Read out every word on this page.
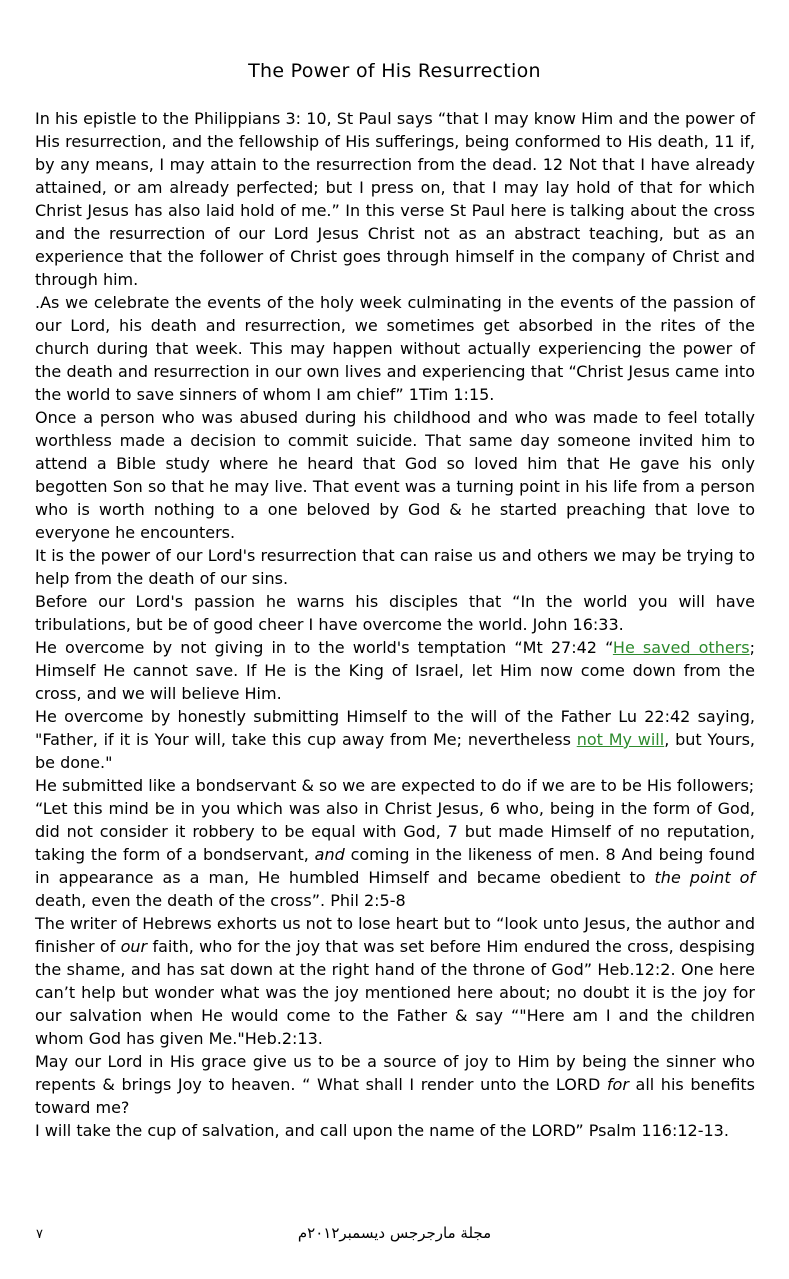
The Power of His Resurrection

In his epistle to the Philippians 3: 10, St Paul says “that I may know Him and the power of His resurrection, and the fellowship of His sufferings, being conformed to His death, 11 if, by any means, I may attain to the resurrection from the dead. 12 Not that I have already attained, or am already perfected; but I press on, that I may lay hold of that for which Christ Jesus has also laid hold of me.” In this verse St Paul here is talking about the cross and the resurrection of our Lord Jesus Christ not as an abstract teaching, but as an experience that the follower of Christ goes through himself in the company of Christ and through him.

.As we celebrate the events of the holy week culminating in the events of the passion of our Lord, his death and resurrection, we sometimes get absorbed in the rites of the church during that week. This may happen without actually experiencing the power of the death and resurrection in our own lives and experiencing that “Christ Jesus came into the world to save sinners of whom I am chief” 1Tim 1:15.

Once a person who was abused during his childhood and who was made to feel totally worthless made a decision to commit suicide. That same day someone invited him to attend a Bible study where he heard that God so loved him that He gave his only begotten Son so that he may live. That event was a turning point in his life from a person who is worth nothing to a one beloved by God & he started preaching that love to everyone he encounters.

It is the power of our Lord's resurrection that can raise us and others we may be trying to help from the death of our sins.

Before our Lord's passion he warns his disciples that “In the world you will have tribulations, but be of good cheer I have overcome the world. John 16:33.

He overcome by not giving in to the world's temptation “Mt 27:42 “He saved others; Himself He cannot save. If He is the King of Israel, let Him now come down from the cross, and we will believe Him.

He overcome by honestly submitting Himself to the will of the Father Lu 22:42 saying, "Father, if it is Your will, take this cup away from Me; nevertheless not My will, but Yours, be done."

He submitted like a bondservant & so we are expected to do if we are to be His followers;

“Let this mind be in you which was also in Christ Jesus, 6 who, being in the form of God, did not consider it robbery to be equal with God, 7 but made Himself of no reputation, taking the form of a bondservant, and coming in the likeness of men. 8 And being found in appearance as a man, He humbled Himself and became obedient to the point of death, even the death of the cross”. Phil 2:5-8

The writer of Hebrews exhorts us not to lose heart but to “look unto Jesus, the author and finisher of our faith, who for the joy that was set before Him endured the cross, despising the shame, and has sat down at the right hand of the throne of God” Heb.12:2. One here can’t help but wonder what was the joy mentioned here about; no doubt it is the joy for our salvation when He would come to the Father & say “"Here am I and the children whom God has given Me."Heb.2:13.

May our Lord in His grace give us to be a source of joy to Him by being the sinner who repents & brings Joy to heaven. “ What shall I render unto the LORD for all his benefits toward me?

I will take the cup of salvation, and call upon the name of the LORD” Psalm 116:12-13.

٧	مجلة مارجرجس ديسمبر٢٠١٢م
